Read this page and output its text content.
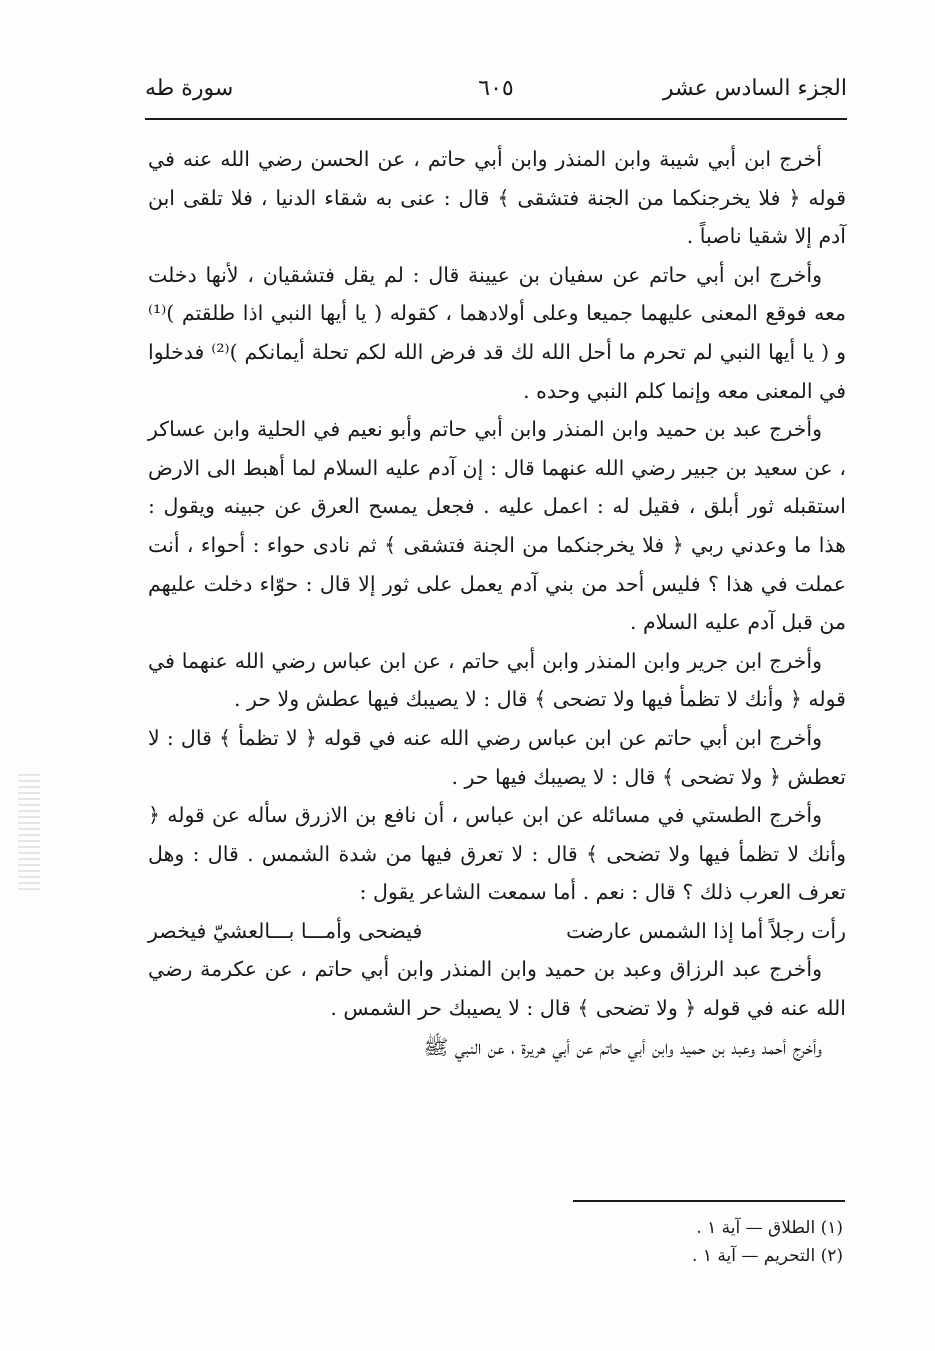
الجزء السادس عشر
٦٠٥
سورة طه

أخرج ابن أبي شيبة وابن المنذر وابن أبي حاتم ، عن الحسن رضي الله عنه في قوله ﴿ فلا يخرجنكما من الجنة فتشقى ﴾ قال : عنى به شقاء الدنيا ، فلا تلقى ابن آدم إلا شقيا ناصباً .

وأخرج ابن أبي حاتم عن سفيان بن عيينة قال : لم يقل فتشقيان ، لأنها دخلت معه فوقع المعنى عليهما جميعا وعلى أولادهما ، كقوله ( يا أيها النبي اذا طلقتم )⁽¹⁾ و ( يا أيها النبي لم تحرم ما أحل الله لك قد فرض الله لكم تحلة أيمانكم )⁽²⁾ فدخلوا في المعنى معه وإنما كلم النبي وحده .

وأخرج عبد بن حميد وابن المنذر وابن أبي حاتم وأبو نعيم في الحلية وابن عساكر ، عن سعيد بن جبير رضي الله عنهما قال : إن آدم عليه السلام لما أهبط الى الارض استقبله ثور أبلق ، فقيل له : اعمل عليه . فجعل يمسح العرق عن جبينه ويقول : هذا ما وعدني ربي ﴿ فلا يخرجنكما من الجنة فتشقى ﴾ ثم نادى حواء : أحواء ، أنت عملت في هذا ؟ فليس أحد من بني آدم يعمل على ثور إلا قال : حوّاء دخلت عليهم من قبل آدم عليه السلام .

وأخرج ابن جرير وابن المنذر وابن أبي حاتم ، عن ابن عباس رضي الله عنهما في قوله ﴿ وأنك لا تظمأ فيها ولا تضحى ﴾ قال : لا يصيبك فيها عطش ولا حر .

وأخرج ابن أبي حاتم عن ابن عباس رضي الله عنه في قوله ﴿ لا تظمأ ﴾ قال : لا تعطش ﴿ ولا تضحى ﴾ قال : لا يصيبك فيها حر .

وأخرج الطستي في مسائله عن ابن عباس ، أن نافع بن الازرق سأله عن قوله ﴿ وأنك لا تظمأ فيها ولا تضحى ﴾ قال : لا تعرق فيها من شدة الشمس . قال : وهل تعرف العرب ذلك ؟ قال : نعم . أما سمعت الشاعر يقول :

رأت رجلاً أما إذا الشمس عارضت
فيضحى وأمـــا بـــالعشيّ فيخصر

وأخرج عبد الرزاق وعبد بن حميد وابن المنذر وابن أبي حاتم ، عن عكرمة رضي الله عنه في قوله ﴿ ولا تضحى ﴾ قال : لا يصيبك حر الشمس .

وأخرج أحمد وعبد بن حميد وابن أبي حاتم عن أبي هريرة ، عن النبي ﷺ

(١) الطلاق — آية ١ .
(٢) التحريم — آية ١ .
